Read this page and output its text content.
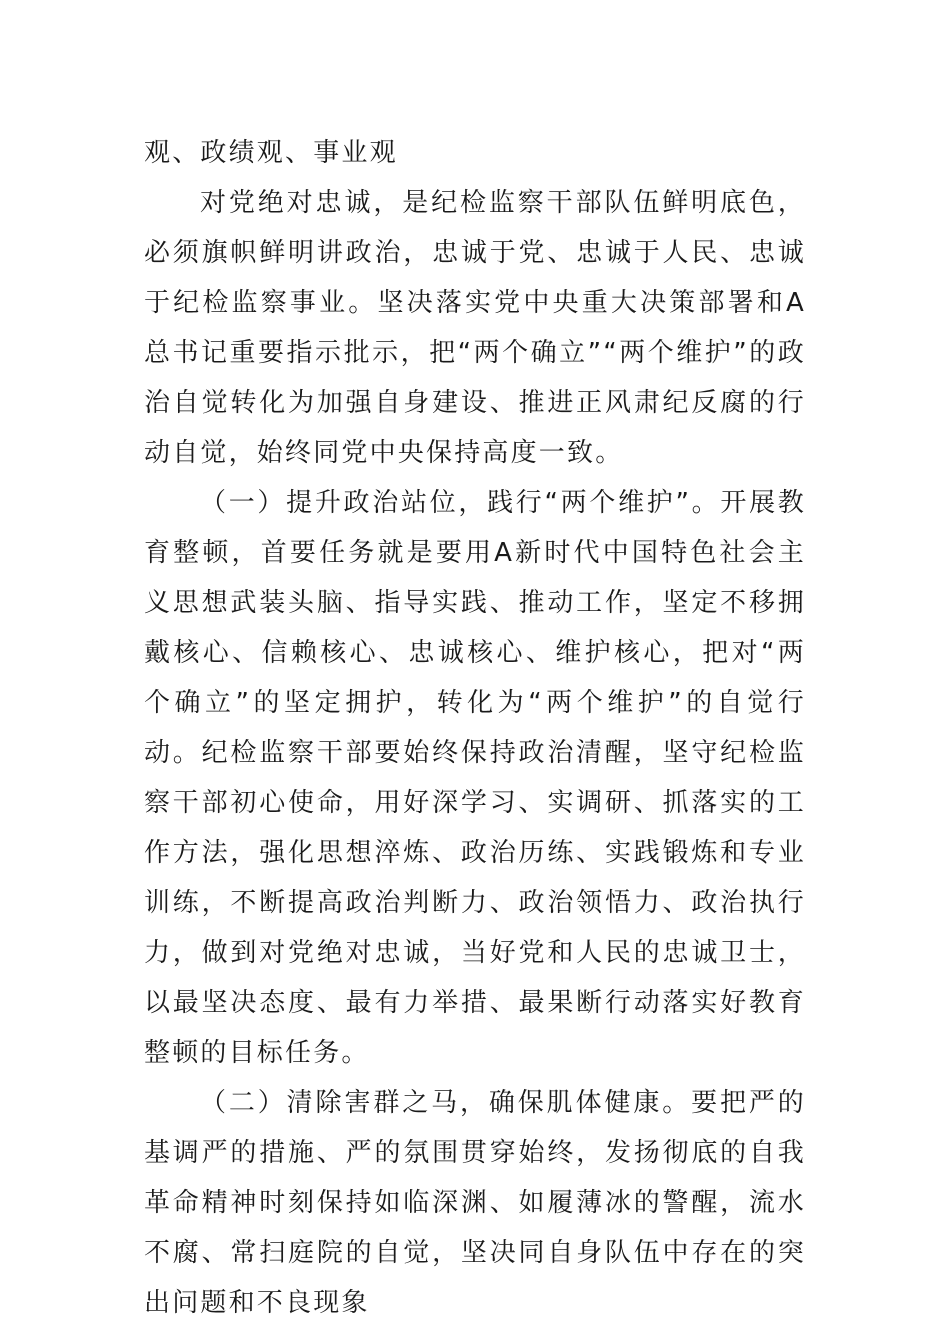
观、政绩观、事业观

对党绝对忠诚，是纪检监察干部队伍鲜明底色，必须旗帜鲜明讲政治，忠诚于党、忠诚于人民、忠诚于纪检监察事业。坚决落实党中央重大决策部署和A总书记重要指示批示，把“两个确立”“两个维护”的政治自觉转化为加强自身建设、推进正风肃纪反腐的行动自觉，始终同党中央保持高度一致。

（一）提升政治站位，践行“两个维护”。开展教育整顿，首要任务就是要用A新时代中国特色社会主义思想武装头脑、指导实践、推动工作，坚定不移拥戴核心、信赖核心、忠诚核心、维护核心，把对“两个确立”的坚定拥护，转化为“两个维护”的自觉行动。纪检监察干部要始终保持政治清醒，坚守纪检监察干部初心使命，用好深学习、实调研、抓落实的工作方法，强化思想淬炼、政治历练、实践锻炼和专业训练，不断提高政治判断力、政治领悟力、政治执行力，做到对党绝对忠诚，当好党和人民的忠诚卫士，以最坚决态度、最有力举措、最果断行动落实好教育整顿的目标任务。

（二）清除害群之马，确保肌体健康。要把严的基调严的措施、严的氛围贯穿始终，发扬彻底的自我革命精神时刻保持如临深渊、如履薄冰的警醒，流水不腐、常扫庭院的自觉，坚决同自身队伍中存在的突出问题和不良现象
